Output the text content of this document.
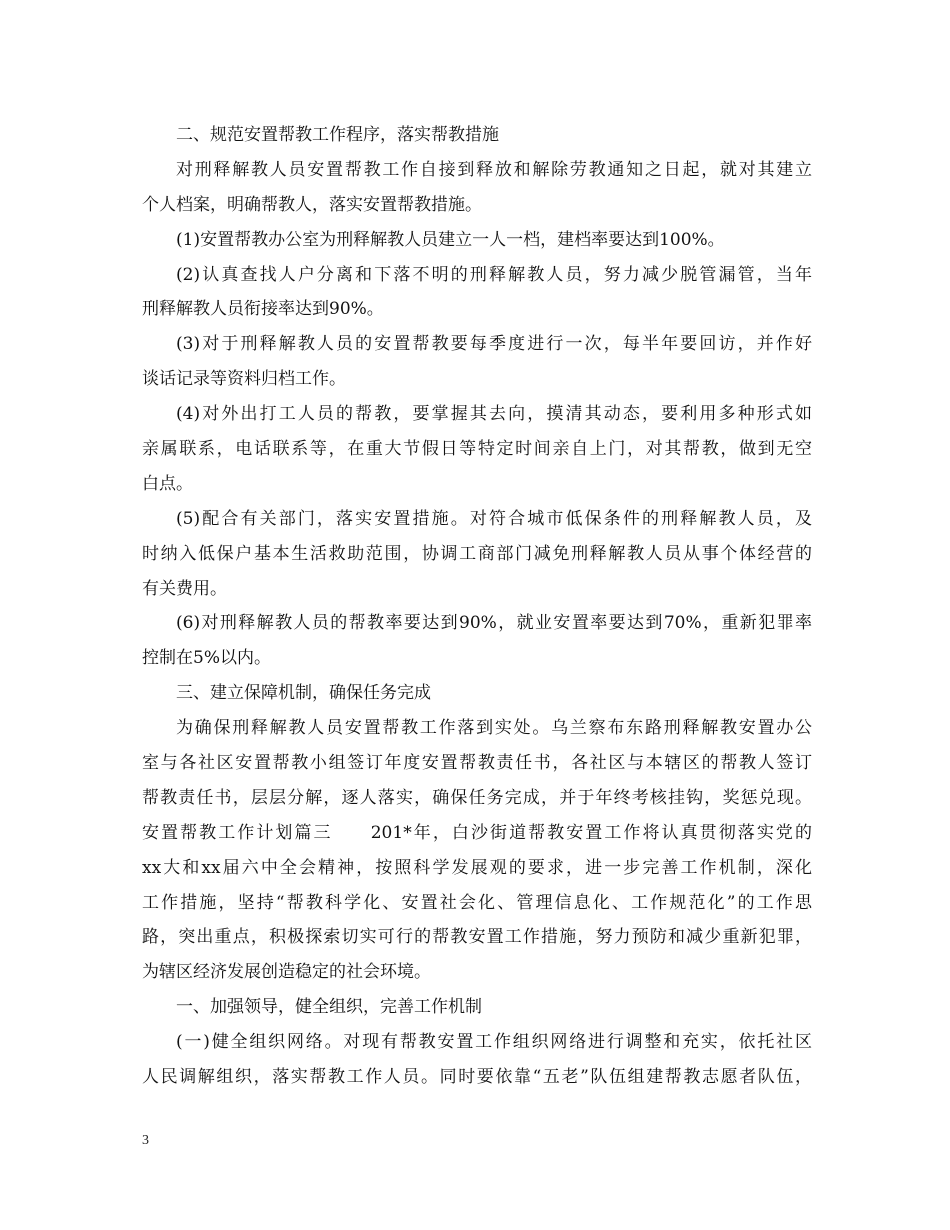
二、规范安置帮教工作程序，落实帮教措施
对刑释解教人员安置帮教工作自接到释放和解除劳教通知之日起，就对其建立
个人档案，明确帮教人，落实安置帮教措施。
(1)安置帮教办公室为刑释解教人员建立一人一档，建档率要达到100%。
(2)认真查找人户分离和下落不明的刑释解教人员，努力减少脱管漏管，当年
刑释解教人员衔接率达到90%。
(3)对于刑释解教人员的安置帮教要每季度进行一次，每半年要回访，并作好
谈话记录等资料归档工作。
(4)对外出打工人员的帮教，要掌握其去向，摸清其动态，要利用多种形式如
亲属联系，电话联系等，在重大节假日等特定时间亲自上门，对其帮教，做到无空
白点。
(5)配合有关部门，落实安置措施。对符合城市低保条件的刑释解教人员，及
时纳入低保户基本生活救助范围，协调工商部门减免刑释解教人员从事个体经营的
有关费用。
(6)对刑释解教人员的帮教率要达到90%，就业安置率要达到70%，重新犯罪率
控制在5%以内。
三、建立保障机制，确保任务完成
为确保刑释解教人员安置帮教工作落到实处。乌兰察布东路刑释解教安置办公
室与各社区安置帮教小组签订年度安置帮教责任书，各社区与本辖区的帮教人签订
帮教责任书，层层分解，逐人落实，确保任务完成，并于年终考核挂钩，奖惩兑现。
安置帮教工作计划篇三　　201*年，白沙街道帮教安置工作将认真贯彻落实党的
xx大和xx届六中全会精神，按照科学发展观的要求，进一步完善工作机制，深化
工作措施，坚持“帮教科学化、安置社会化、管理信息化、工作规范化”的工作思
路，突出重点，积极探索切实可行的帮教安置工作措施，努力预防和减少重新犯罪，
为辖区经济发展创造稳定的社会环境。
一、加强领导，健全组织，完善工作机制
(一)健全组织网络。对现有帮教安置工作组织网络进行调整和充实，依托社区
人民调解组织，落实帮教工作人员。同时要依靠“五老”队伍组建帮教志愿者队伍，
3
